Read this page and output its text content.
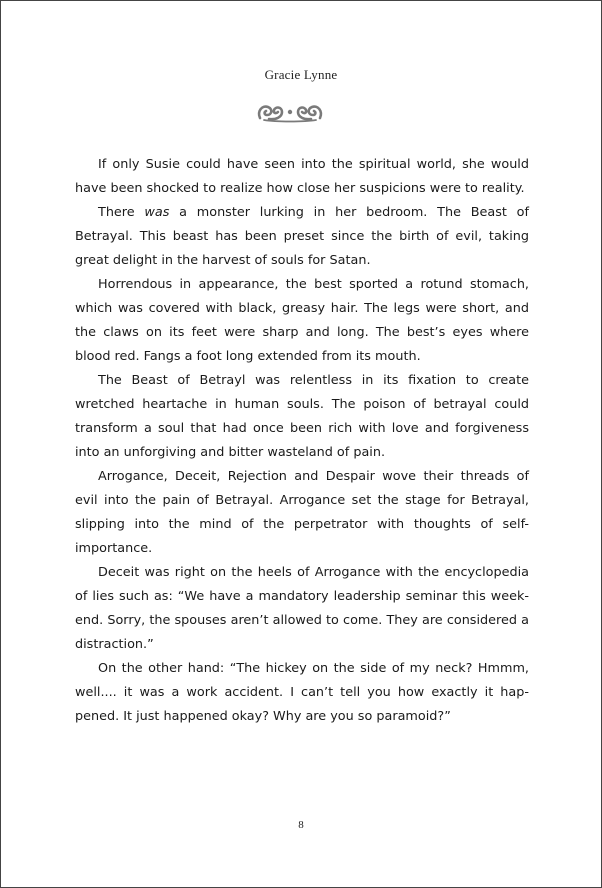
Gracie Lynne

If only Susie could have seen into the spiritual world, she would have been shocked to realize how close her suspicions were to reality.

There was a monster lurking in her bedroom. The Beast of Betrayal. This beast has been preset since the birth of evil, taking great delight in the harvest of souls for Satan.

Horrendous in appearance, the best sported a rotund stomach, which was covered with black, greasy hair. The legs were short, and the claws on its feet were sharp and long. The best’s eyes where blood red. Fangs a foot long extended from its mouth.

The Beast of Betrayl was relentless in its fixation to create wretched heartache in human souls. The poison of betrayal could transform a soul that had once been rich with love and forgiveness into an unforgiving and bitter wasteland of pain.

Arrogance, Deceit, Rejection and Despair wove their threads of evil into the pain of Betrayal. Arrogance set the stage for Betrayal, slipping into the mind of the perpetrator with thoughts of self-importance.

Deceit was right on the heels of Arrogance with the encyclopedia of lies such as: “We have a mandatory leadership seminar this week-end. Sorry, the spouses aren’t allowed to come. They are considered a distraction.”

On the other hand: “The hickey on the side of my neck? Hmmm, well.... it was a work accident. I can’t tell you how exactly it hap-pened. It just happened okay? Why are you so paramoid?”

8
